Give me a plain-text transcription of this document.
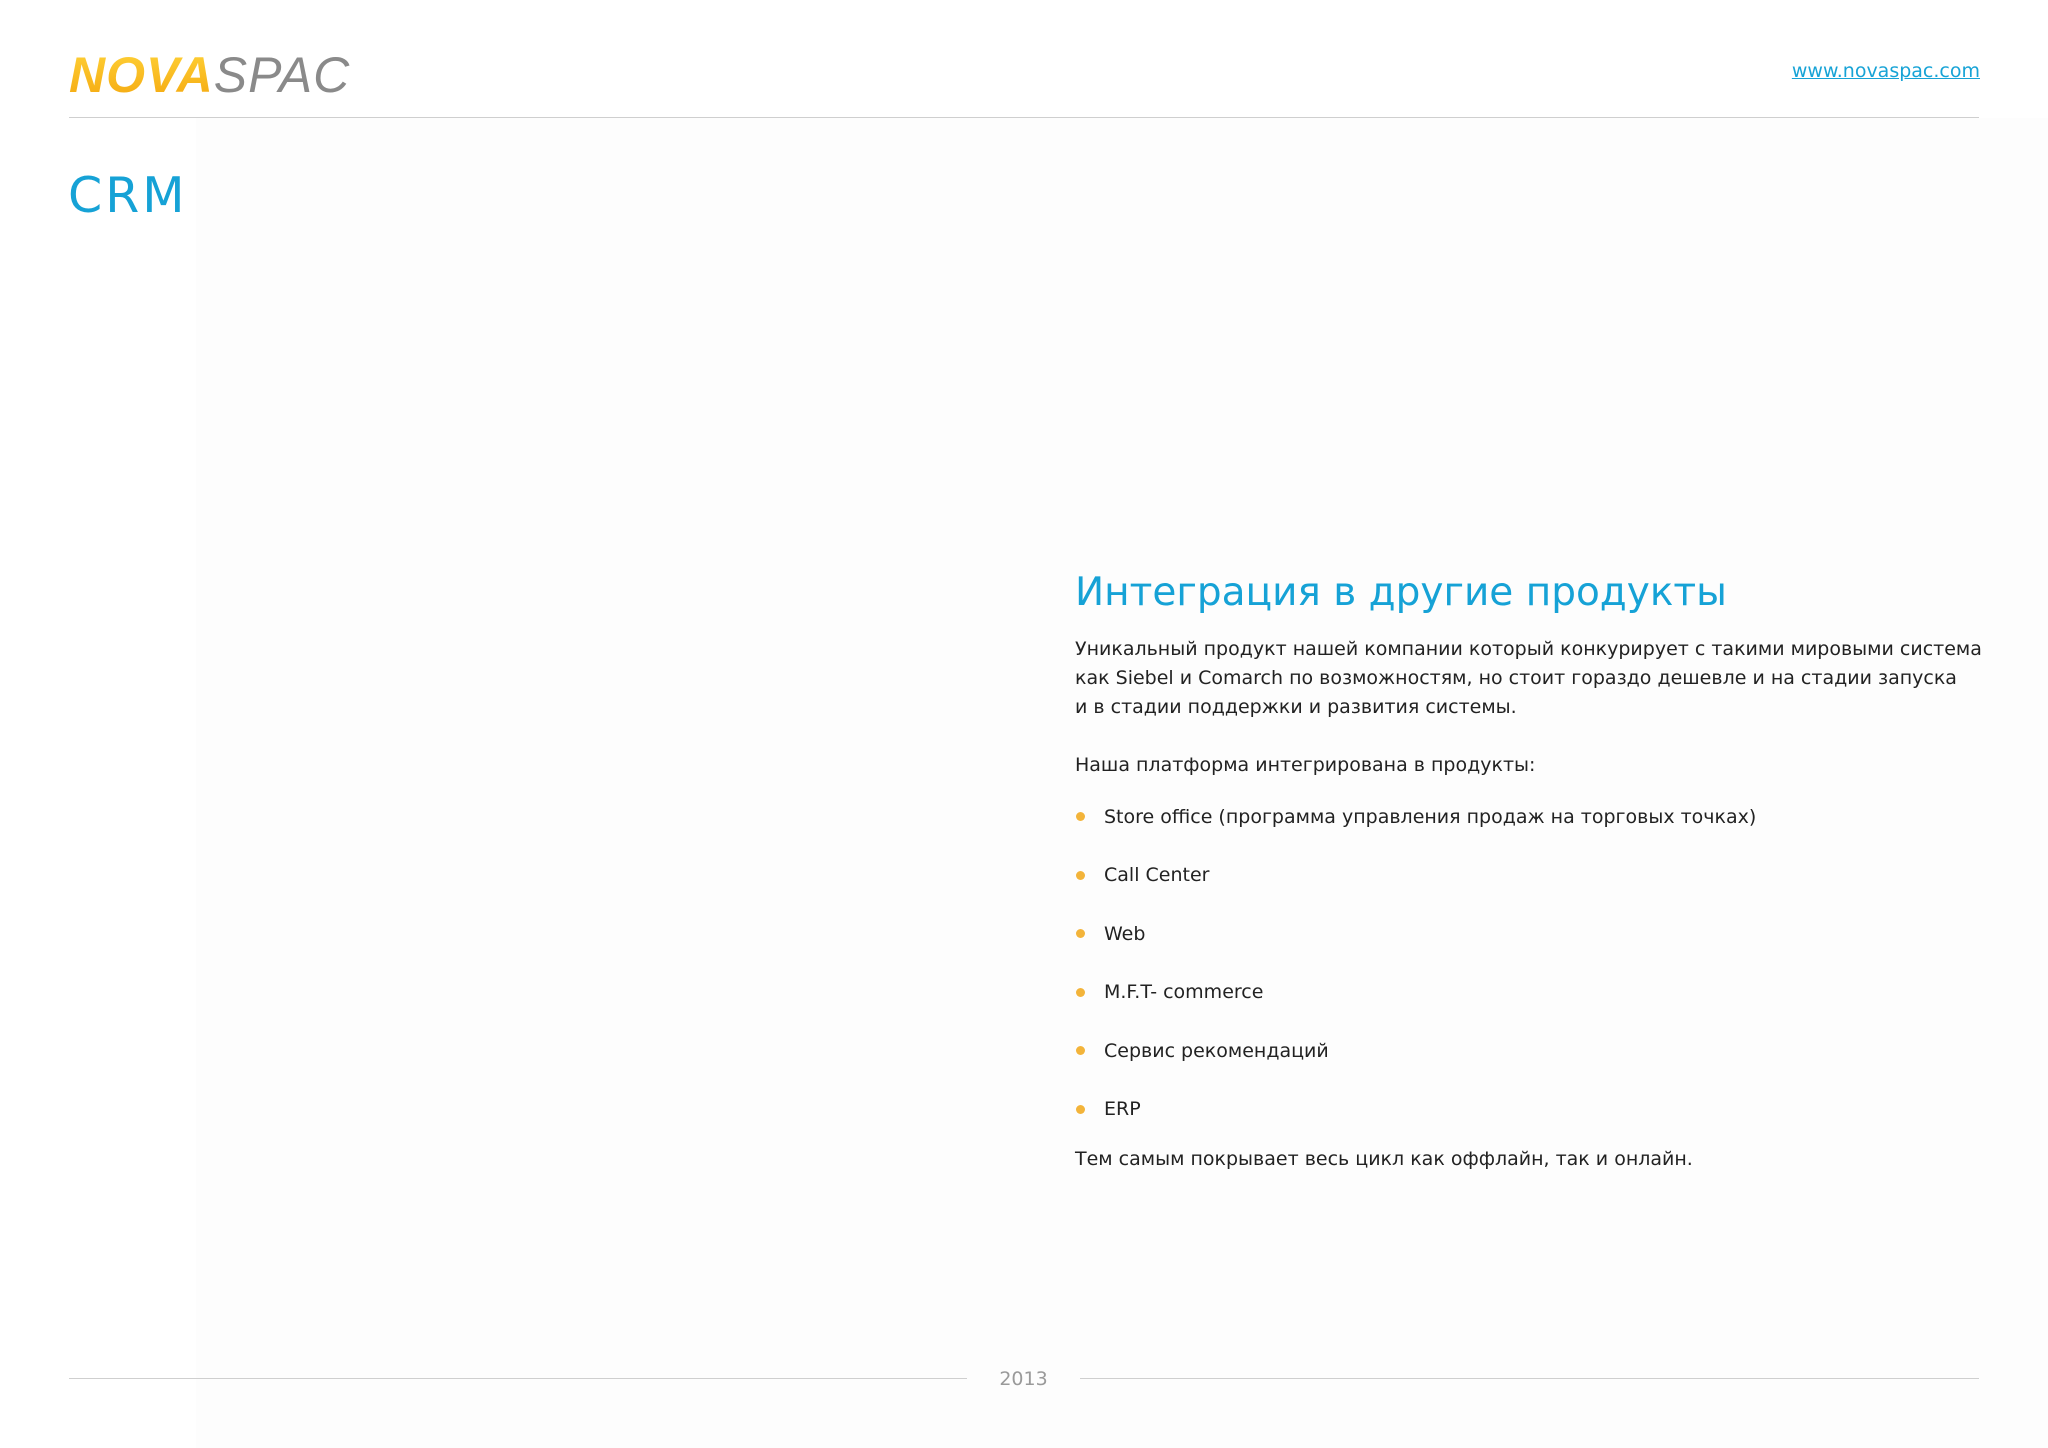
NOVA SPAC	www.novaspac.com
CRM
Интеграция в другие продукты

Уникальный продукт нашей компании который конкурирует с такими мировыми система
как Siebel и Comarch по возможностям, но стоит гораздо дешевле и на стадии запуска
и в стадии поддержки и развития системы.

Наша платформа интегрирована в продукты:

Store office (программа управления продаж на торговых точках)
Call Center
Web
M.F.T- commerce
Сервис рекомендаций
ERP

Тем самым покрывает весь цикл как оффлайн, так и онлайн.

2013
